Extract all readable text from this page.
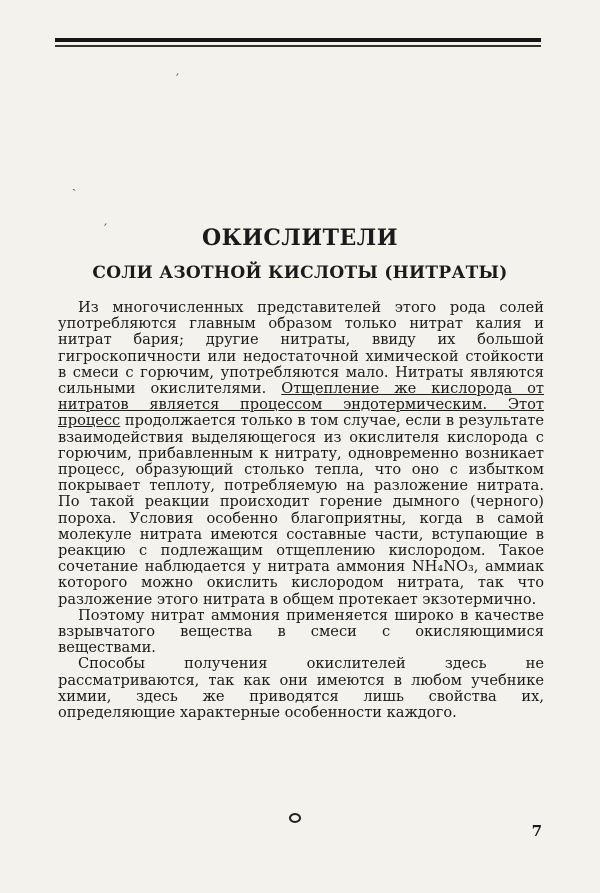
′
˴
′	ОКИСЛИТЕЛИ
СОЛИ АЗОТНОЙ КИСЛОТЫ (НИТРАТЫ)

Из многочисленных представителей этого рода солей употребляются главным образом только нитрат калия и нитрат бария; другие нитраты, ввиду их большой гигроскопичности или недостаточной химической стойкости в смеси с горючим, употребляются мало. Нитраты являются сильными окислителями. Отщепление же кислорода от нитратов является процессом эндотермическим. Этот процесс продолжается только в том случае, если в результате взаимодействия выделяющегося из окислителя кислорода с горючим, прибавленным к нитрату, одновременно возникает процесс, образующий столько тепла, что оно с избытком покрывает теплоту, потребляемую на разложение нитрата. По такой реакции происходит горение дымного (черного) пороха. Условия особенно благоприятны, когда в самой молекуле нитрата имеются составные части, вступающие в реакцию с подлежащим отщеплению кислородом. Такое сочетание наблюдается у нитрата аммония NH₄NO₃, аммиак которого можно окислить кислородом нитрата, так что разложение этого нитрата в общем протекает экзотермично.

Поэтому нитрат аммония применяется широко в качестве взрывчатого вещества в смеси с окисляющимися веществами.

Способы получения окислителей здесь не рассматриваются, так как они имеются в любом учебнике химии, здесь же приводятся лишь свойства их, определяющие характерные особенности каждого.

7
